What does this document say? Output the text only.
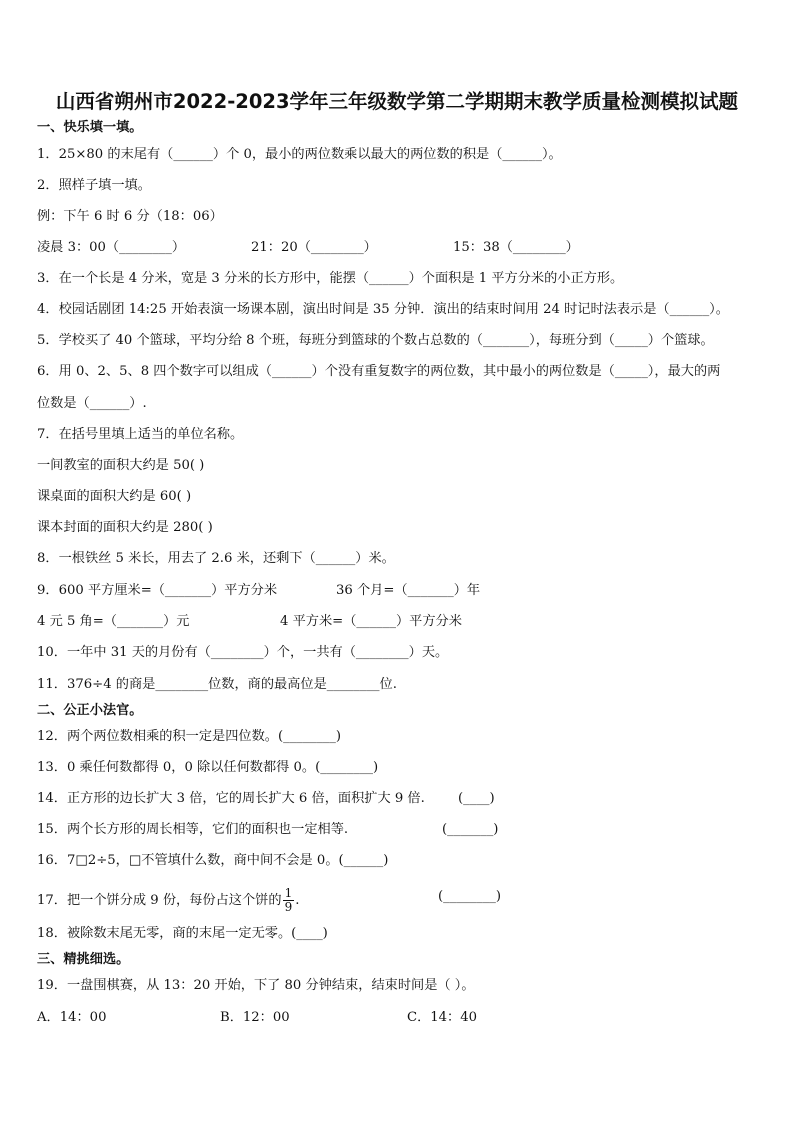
山西省朔州市2022-2023学年三年级数学第二学期期末教学质量检测模拟试题
一、快乐填一填。
1．25×80 的末尾有（______）个 0，最小的两位数乘以最大的两位数的积是（______）。
2．照样子填一填。
例：下午 6 时 6 分（18：06）
凌晨 3：00（________）	21：20（________）	15：38（________）
3．在一个长是 4 分米，宽是 3 分米的长方形中，能摆（______）个面积是 1 平方分米的小正方形。
4．校园话剧团 14:25 开始表演一场课本剧，演出时间是 35 分钟．演出的结束时间用 24 时记时法表示是（______）。
5．学校买了 40 个篮球，平均分给 8 个班，每班分到篮球的个数占总数的（_______），每班分到（_____）个篮球。
6．用 0、2、5、8 四个数字可以组成（______）个没有重复数字的两位数，其中最小的两位数是（_____），最大的两
位数是（______）.
7．在括号里填上适当的单位名称。
一间教室的面积大约是 50( )
课桌面的面积大约是 60( )
课本封面的面积大约是 280( )
8．一根铁丝 5 米长，用去了 2.6 米，还剩下（______）米。
9．600 平方厘米=（_______）平方分米	36 个月=（_______）年
4 元 5 角=（_______）元	4 平方米=（______）平方分米
10．一年中 31 天的月份有（________）个，一共有（________）天。
11．376÷4 的商是________位数，商的最高位是________位.
二、公正小法官。
12．两个两位数相乘的积一定是四位数。(________)
13．0 乘任何数都得 0，0 除以任何数都得 0。(________)
14．正方形的边长扩大 3 倍，它的周长扩大 6 倍，面积扩大 9 倍.	(____)
15．两个长方形的周长相等，它们的面积也一定相等.	(_______)
16．7□2÷5，□不管填什么数，商中间不会是 0。(______)
17．把一个饼分成 9 份，每份占这个饼的 $\frac{1}{9}$ .	(________)
18．被除数末尾无零，商的末尾一定无零。(____)
三、精挑细选。
19．一盘围棋赛，从 13：20 开始，下了 80 分钟结束，结束时间是（ ）。
A．14：00	B．12：00	C．14：40
